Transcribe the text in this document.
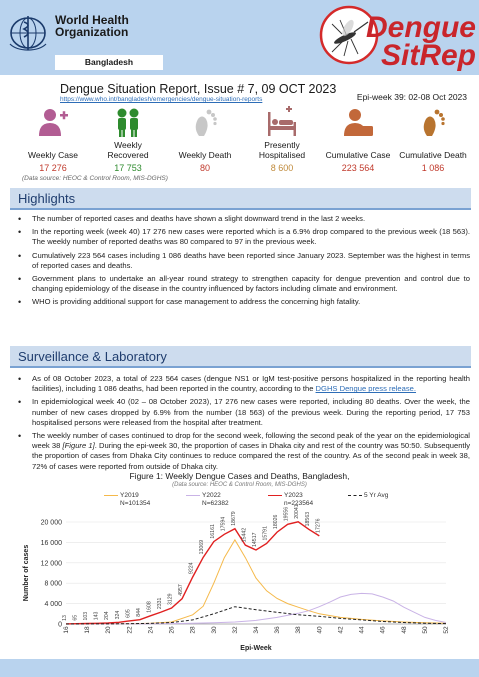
World Health
Organization
Bangladesh
Dengue
SitRep
Dengue Situation Report, Issue # 7, 09 OCT 2023
https://www.who.int/bangladesh/emergencies/dengue-situation-reports	Epi-week 39: 02-08 Oct 2023
Weekly Case
17 276
Weekly Recovered
17 753
Weekly Death
80
Presently Hospitalised
8 600
Cumulative Case
223 564
Cumulative Death
1 086
(Data source: HEOC & Control Room, MIS-DGHS)
Highlights
• The number of reported cases and deaths have shown a slight downward trend in the last 2 weeks.
• In the reporting week (week 40) 17 276 new cases were reported which is a 6.9% drop compared to the previous week (18 563). The weekly number of reported deaths was 80 compared to 97 in the previous week.
• Cumulatively 223 564 cases including 1 086 deaths have been reported since January 2023. September was the highest in terms of reported cases and deaths.
• Government plans to undertake an all-year round strategy to strengthen capacity for dengue prevention and control due to changing epidemiology of the disease in the country influenced by factors including climate and environment.
• WHO is providing additional support for case management to address the concerning high fatality.
Surveillance & Laboratory
• As of 08 October 2023, a total of 223 564 cases (dengue NS1 or IgM test-positive persons hospitalized in the reporting health facilities), including 1 086 deaths, had been reported in the country, according to the DGHS Dengue press release.
• In epidemiological week 40 (02 – 08 October 2023), 17 276 new cases were reported, including 80 deaths. Over the week, the number of new cases dropped by 6.9% from the number (18 563) of the previous week. During the reporting period, 17 753 hospitalised persons were released from the hospital after treatment.
• The weekly number of cases continued to drop for the second week, following the second peak of the year on the epidemiological week 38 [Figure 1]. During the epi-week 30, the proportion of cases in Dhaka city and rest of the country was 50:50. Subsequently the proportion of cases from Dhaka City continues to reduce compared the rest of the country. As of the second peak in week 38, 72% of cases were reported from outside of Dhaka city.
Figure 1: Weekly Dengue Cases and Deaths, Bangladesh,
(Data source: HEOC & Control Room, MIS-DGHS)
Y2019
N=101354
Y2022
N=62382
Y2023
n=223564
5 Yr Avg
0
4 000
8 000
12 000
16 000
20 000
16 18 20 22 24 26 28 30 32 34 36 38 40 42 44 46 48 50 52
Epi-Week
Number of cases
13 65 103 143 204 324 605 844 1608 2331 3129
4957
9224
13069
16161
17594 18679
15442 14517 15791
18026
19556 20041
18563 17276
